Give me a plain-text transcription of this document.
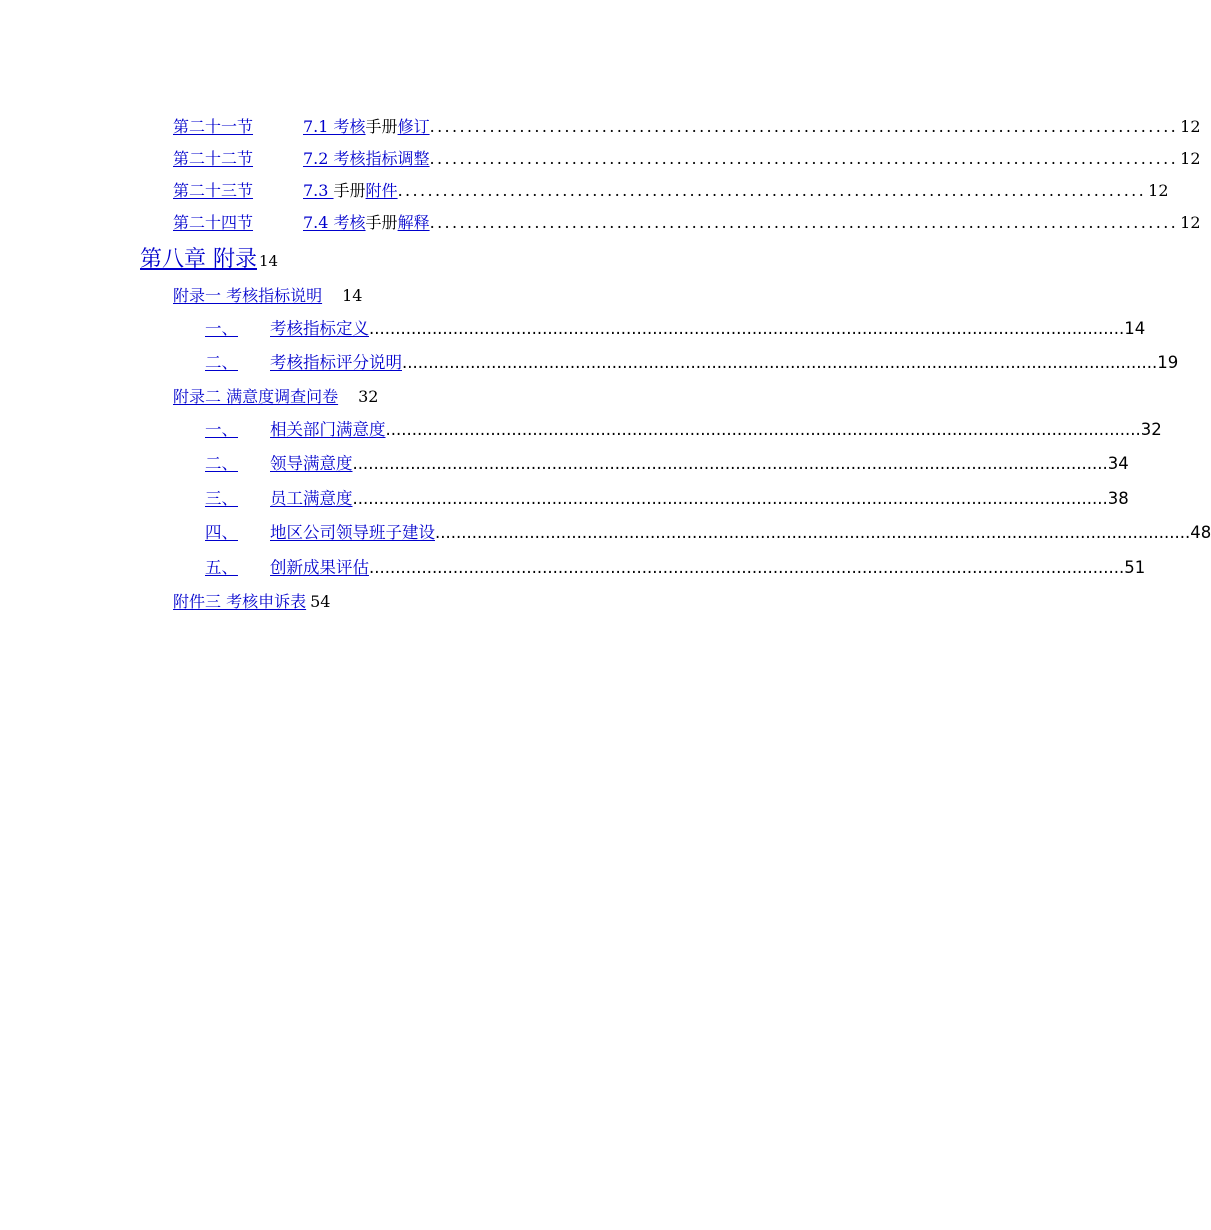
第二十一节	7.1 考核手册修订 .................................................................................................... 12
第二十二节	7.2 考核指标调整 .................................................................................................... 12
第二十三节	7.3 手册附件 .................................................................................................... 12
第二十四节	7.4 考核手册解释 .................................................................................................... 12
第八章 附录 14
附录一 考核指标说明 14
一、	考核指标定义 ................................................................................................................................................ 14
二、	考核指标评分说明 ................................................................................................................................................ 19
附录二 满意度调查问卷 32
一、	相关部门满意度 ................................................................................................................................................ 32
二、	领导满意度 ................................................................................................................................................ 34
三、	员工满意度 ................................................................................................................................................ 38
四、	地区公司领导班子建设 ................................................................................................................................................ 48
五、	创新成果评估 ................................................................................................................................................ 51
附件三 考核申诉表 54
